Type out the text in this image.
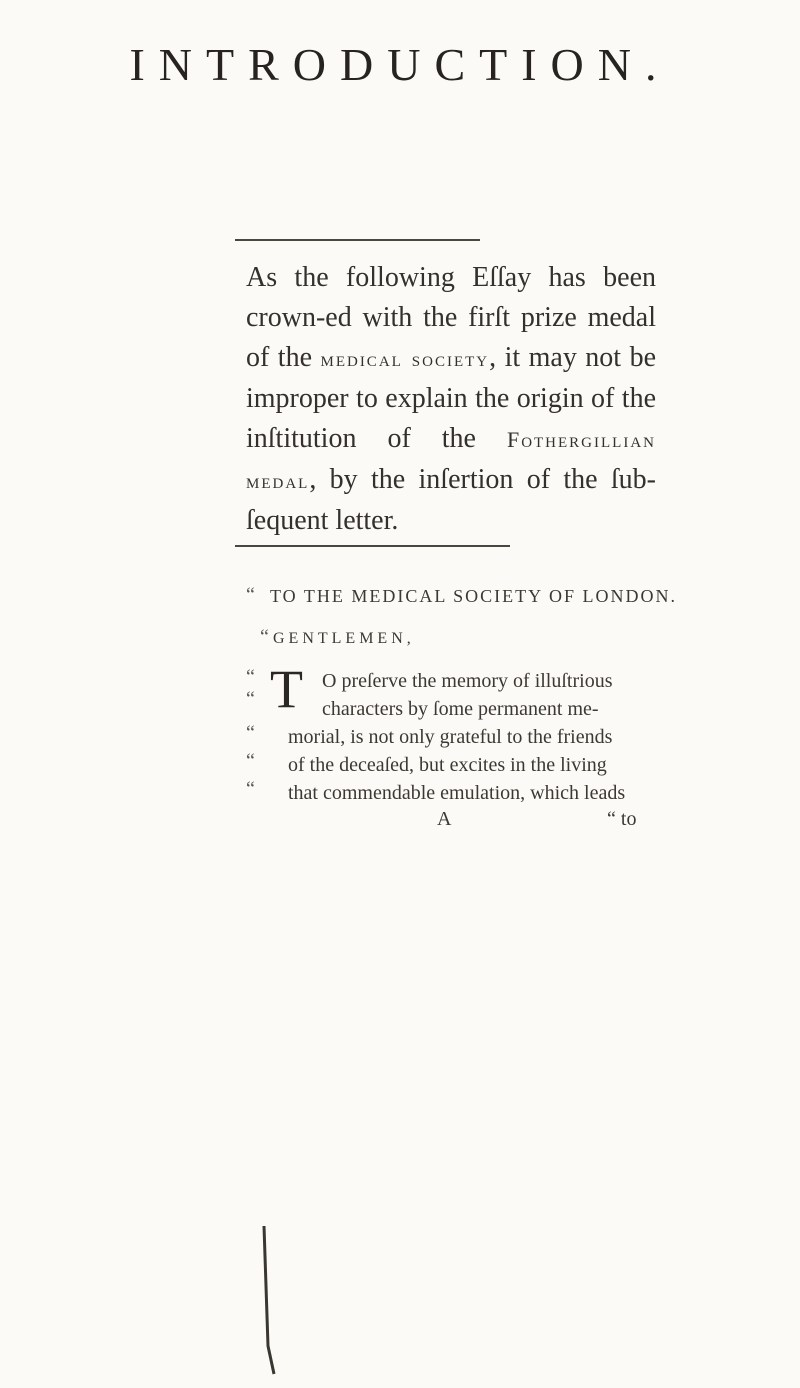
INTRODUCTION.
As the following Eſſay has been crown-ed with the firſt prize medal of the medical society, it may not be improper to explain the origin of the inſtitution of the Fothergillian medal, by the inſertion of the ſub-ſequent letter.
“
“
“
“
“
“
“
TO THE MEDICAL SOCIETY OF LONDON.
GENTLEMEN,
T O preſerve the memory of illuſtrious
characters by ſome permanent me-
morial, is not only grateful to the friends
of the deceaſed, but excites in the living
that commendable emulation, which leads
A	“ to
